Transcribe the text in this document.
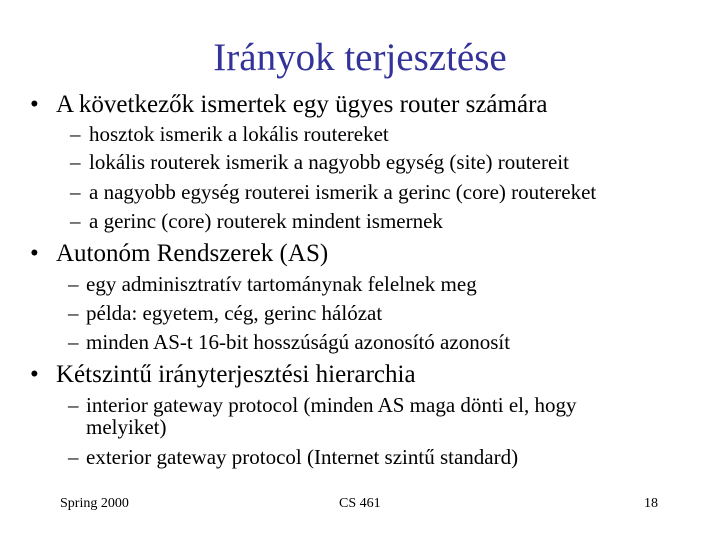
Irányok terjesztése
• A következők ismertek egy ügyes router számára
– hosztok ismerik a lokális routereket
– lokális routerek ismerik a nagyobb egység (site) routereit
– a nagyobb egység routerei ismerik a gerinc (core) routereket
– a gerinc (core) routerek mindent ismernek
• Autonóm Rendszerek (AS)
– egy adminisztratív tartománynak felelnek meg
– példa: egyetem, cég, gerinc hálózat
– minden AS-t 16-bit hosszúságú azonosító azonosít
• Kétszintű irányterjesztési hierarchia
– interior gateway protocol (minden AS maga dönti el, hogy
melyiket)
– exterior gateway protocol (Internet szintű standard)
Spring 2000	CS 461	18
